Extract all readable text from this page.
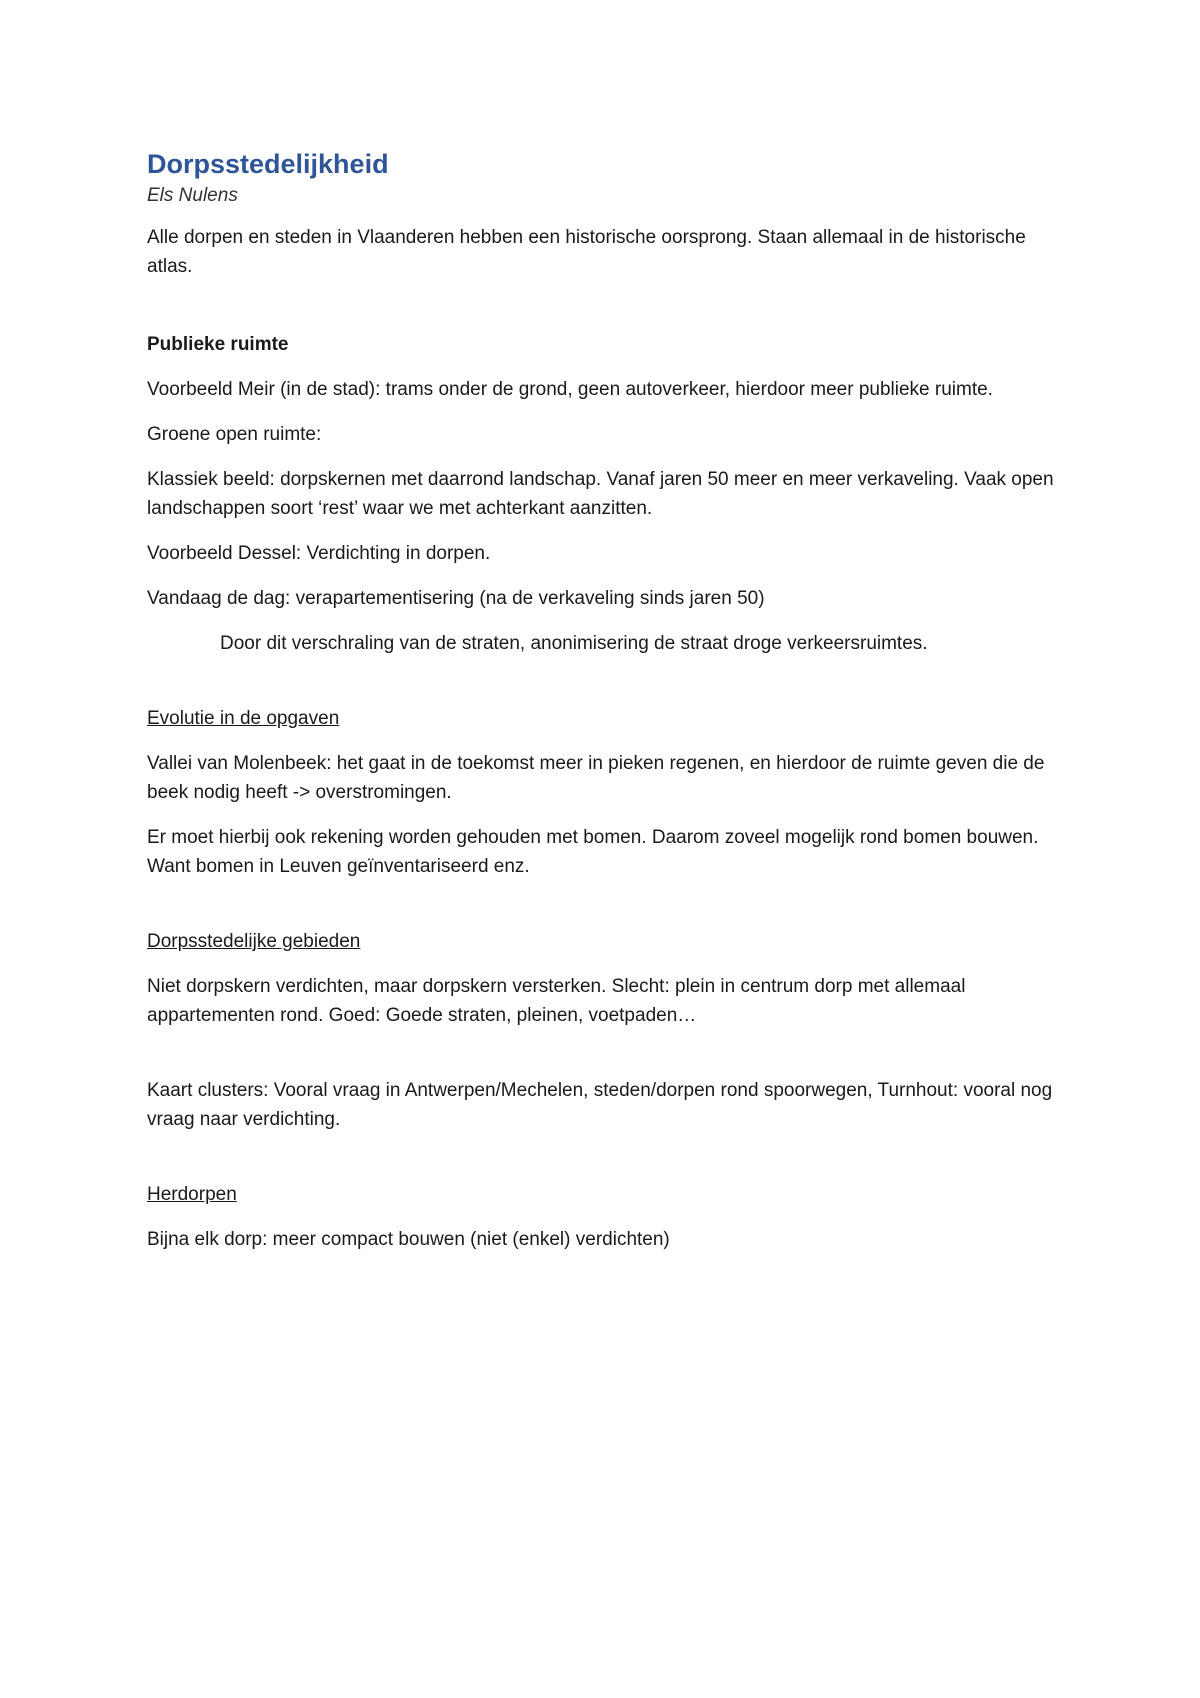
Dorpsstedelijkheid

Els Nulens

Alle dorpen en steden in Vlaanderen hebben een historische oorsprong. Staan allemaal in de historische atlas.

Publieke ruimte

Voorbeeld Meir (in de stad): trams onder de grond, geen autoverkeer, hierdoor meer publieke ruimte.

Groene open ruimte:

Klassiek beeld: dorpskernen met daarrond landschap. Vanaf jaren 50 meer en meer verkaveling. Vaak open landschappen soort ‘rest’ waar we met achterkant aanzitten.

Voorbeeld Dessel: Verdichting in dorpen.

Vandaag de dag: verapartementisering (na de verkaveling sinds jaren 50)

Door dit verschraling van de straten, anonimisering de straat droge verkeersruimtes.

Evolutie in de opgaven

Vallei van Molenbeek: het gaat in de toekomst meer in pieken regenen, en hierdoor de ruimte geven die de beek nodig heeft -> overstromingen.

Er moet hierbij ook rekening worden gehouden met bomen. Daarom zoveel mogelijk rond bomen bouwen. Want bomen in Leuven geïnventariseerd enz.

Dorpsstedelijke gebieden

Niet dorpskern verdichten, maar dorpskern versterken. Slecht: plein in centrum dorp met allemaal appartementen rond. Goed: Goede straten, pleinen, voetpaden…

Kaart clusters: Vooral vraag in Antwerpen/Mechelen, steden/dorpen rond spoorwegen, Turnhout: vooral nog vraag naar verdichting.

Herdorpen

Bijna elk dorp: meer compact bouwen (niet (enkel) verdichten)
